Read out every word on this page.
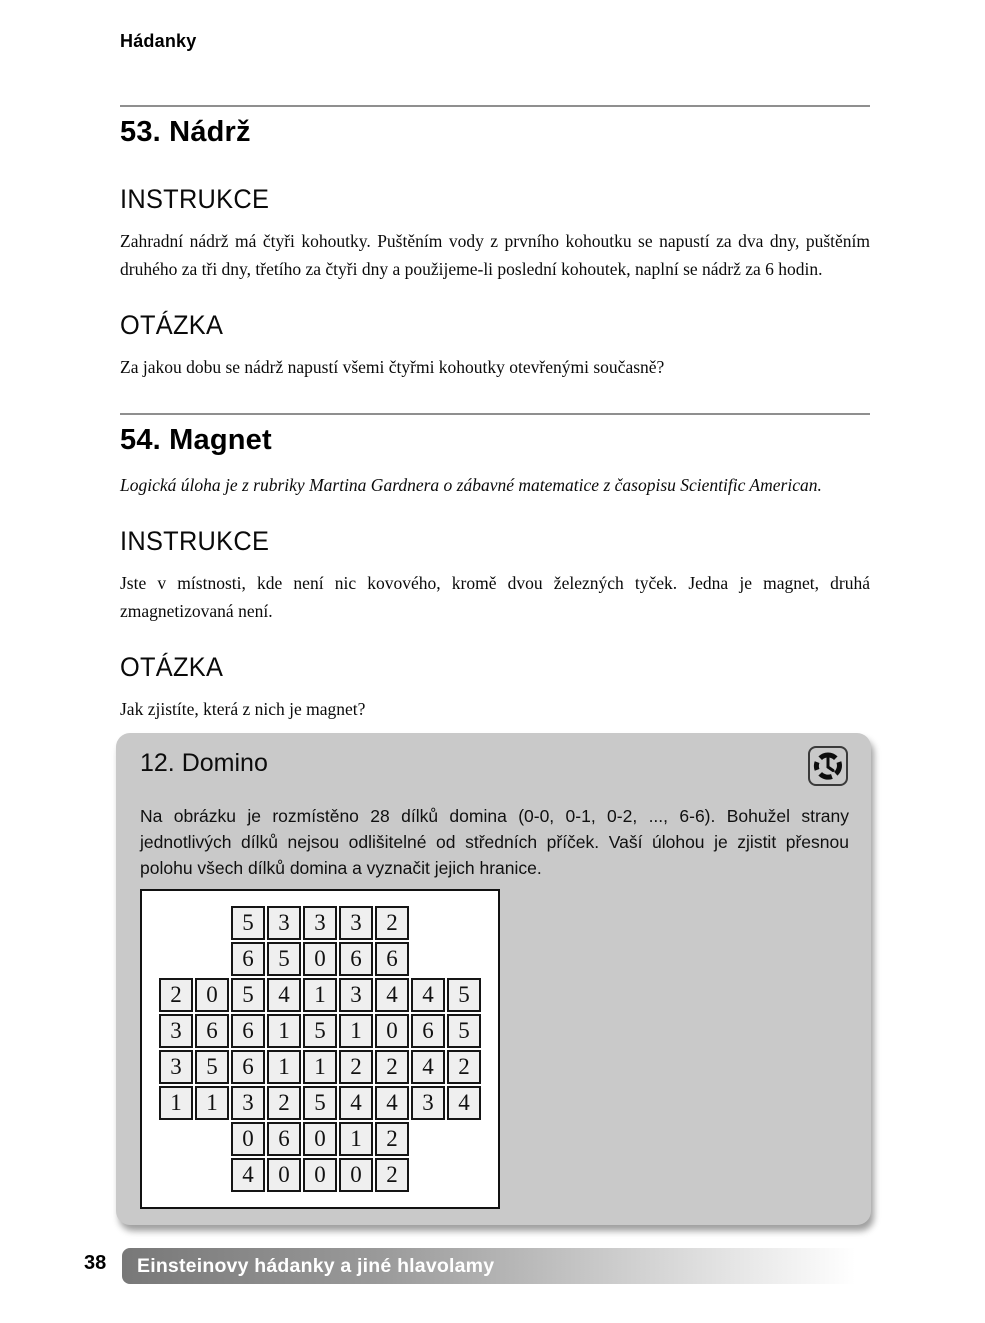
Hádanky
53. Nádrž
INSTRUKCE

Zahradní nádrž má čtyři kohoutky. Puštěním vody z prvního kohoutku se napustí za dva dny, puštěním druhého za tři dny, třetího za čtyři dny a použijeme-li poslední kohoutek, naplní se nádrž za 6 hodin.

OTÁZKA

Za jakou dobu se nádrž napustí všemi čtyřmi kohoutky otevřenými současně?

54. Magnet

Logická úloha je z rubriky Martina Gardnera o zábavné matematice z časopisu Scientific American.

INSTRUKCE

Jste v místnosti, kde není nic kovového, kromě dvou železných tyček. Jedna je magnet, druhá zmagnetizovaná není.

OTÁZKA

Jak zjistíte, která z nich je magnet?

12. Domino

Na obrázku je rozmístěno 28 dílků domina (0-0, 0-1, 0-2, ..., 6-6). Bohužel strany jednotlivých dílků nejsou odlišitelné od středních příček. Vaší úlohou je zjistit přesnou polohu všech dílků domina a vyznačit jejich hranice.

5	3	3	3	2
6	5	0	6	6
2	0	5	4	1	3	4	4	5
3	6	6	1	5	1	0	6	5
3	5	6	1	1	2	2	4	2
1	1	3	2	5	4	4	3	4
0	6	0	1	2
4	0	0	0	2
38	Einsteinovy hádanky a jiné hlavolamy
